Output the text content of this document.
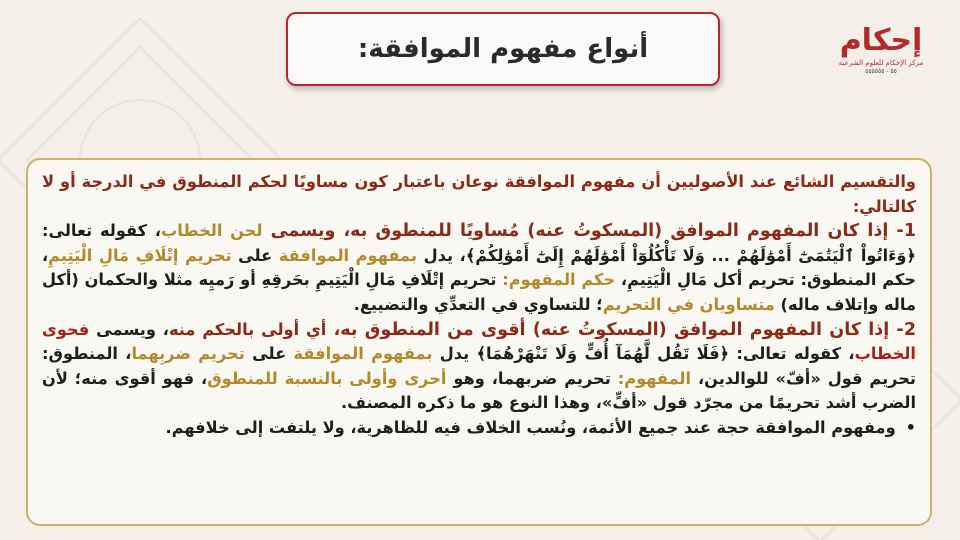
أنواع مفهوم الموافقة:	إحكام
مركز الإحكام للعلوم الشرعية
٥٥ - ٥٥٥٥٥٥

والتقسيم الشائع عند الأصوليين أن مفهوم الموافقة نوعان باعتبار كون مساويًا لحكم المنطوق في الدرجة أو لا كالتالي:

1- إذا كان المفهوم الموافق (المسكوتُ عنه) مُساويًا للمنطوق به، ويسمى لحن الخطاب، كقوله تعالى: ﴿وَءَاتُواْ ٱلْيَتَٰمَىٰٓ أَمْوَٰلَهُمْ ... وَلَا تَأْكُلُوٓاْ أَمْوَٰلَهُمْ إِلَىٰٓ أَمْوَٰلِكُمْ﴾، يدل بمفهوم الموافقة على تحريم إتْلَافِ مَالِ الْيَتِيمِ، حكم المنطوق: تحريم أكل مَالِ الْيَتِيمِ، حكم المفهوم: تحريم إتْلَافِ مَالِ الْيَتِيمِ بحَرقِهِ أو رَميِه مثلا والحكمان (أكل ماله وإتلاف ماله) متساويان في التحريم؛ للتساوي في التعدِّي والتضييع.

2- إذا كان المفهوم الموافق (المسكوتُ عنه) أقوى من المنطوق به، أي أولى بالحكم منه، ويسمى فحوى الخطاب، كقوله تعالى: ﴿فَلَا تَقُل لَّهُمَآ أُفٍّ وَلَا تَنْهَرْهُمَا﴾ يدل بمفهوم الموافقة على تحريم ضربِهما، المنطوق: تحريم قول «أفّ» للوالدين، المفهوم: تحريم ضربهما، وهو أحرى وأولى بالنسبة للمنطوق، فهو أقوى منه؛ لأن الضرب أشد تحريمًا من مجرّد قول «أفٍّ»، وهذا النوع هو ما ذكره المصنف.

•ومفهوم الموافقة حجة عند جميع الأئمة، ونُسب الخلاف فيه للظاهرية، ولا يلتفت إلى خلافهم.
